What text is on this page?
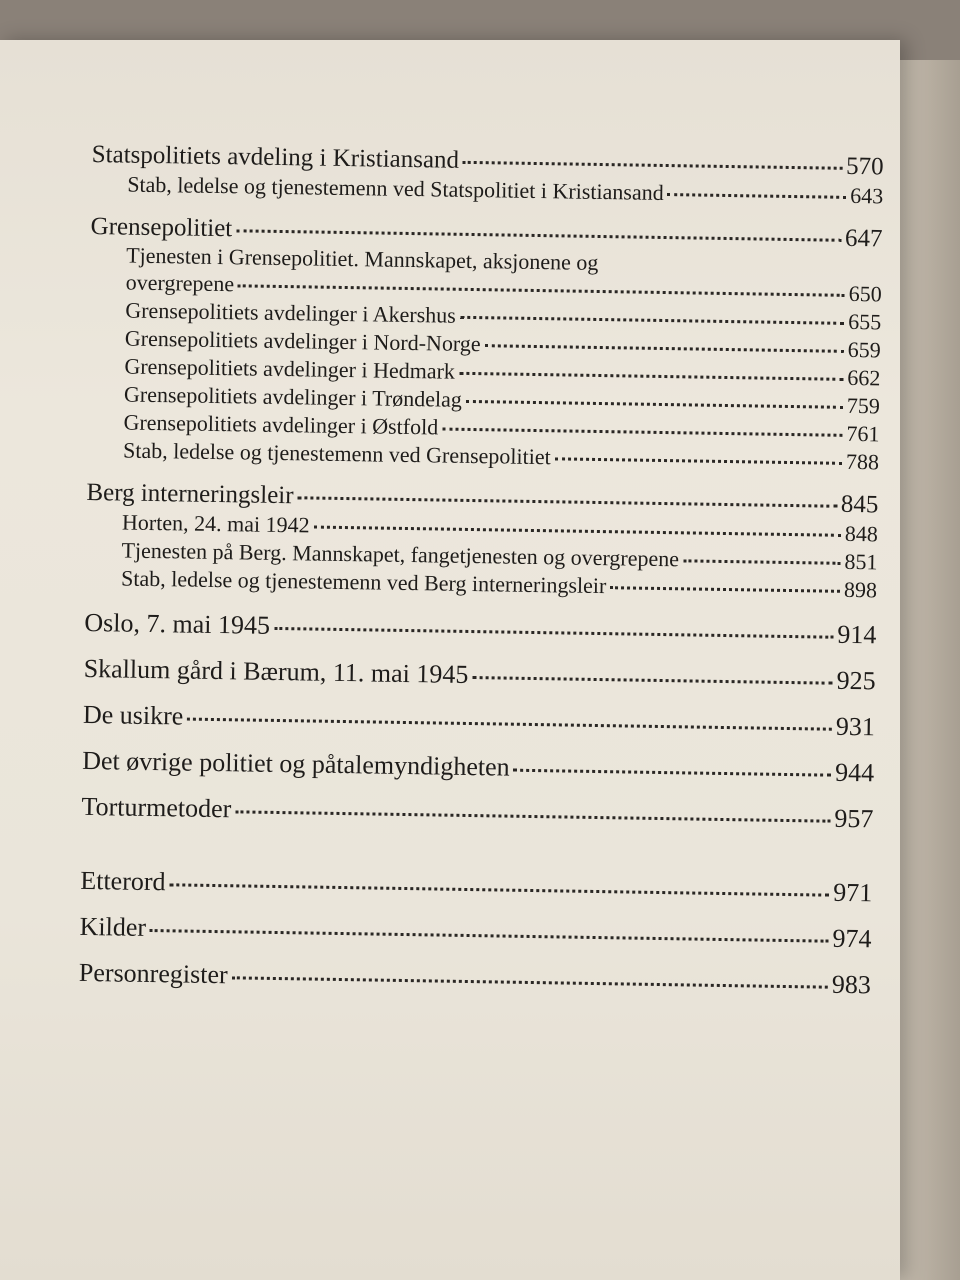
Statspolitiets avdeling i Kristiansand	570
Stab, ledelse og tjenestemenn ved Statspolitiet i Kristiansand	643
Grensepolitiet	647
Tjenesten i Grensepolitiet. Mannskapet, aksjonene og
overgrepene	650
Grensepolitiets avdelinger i Akershus	655
Grensepolitiets avdelinger i Nord-Norge	659
Grensepolitiets avdelinger i Hedmark	662
Grensepolitiets avdelinger i Trøndelag	759
Grensepolitiets avdelinger i Østfold	761
Stab, ledelse og tjenestemenn ved Grensepolitiet	788
Berg interneringsleir	845
Horten, 24. mai 1942	848
Tjenesten på Berg. Mannskapet, fangetjenesten og overgrepene	851
Stab, ledelse og tjenestemenn ved Berg interneringsleir	898
Oslo, 7. mai 1945	914
Skallum gård i Bærum, 11. mai 1945	925
De usikre	931
Det øvrige politiet og påtalemyndigheten	944
Torturmetoder	957
Etterord	971
Kilder	974
Personregister	983
